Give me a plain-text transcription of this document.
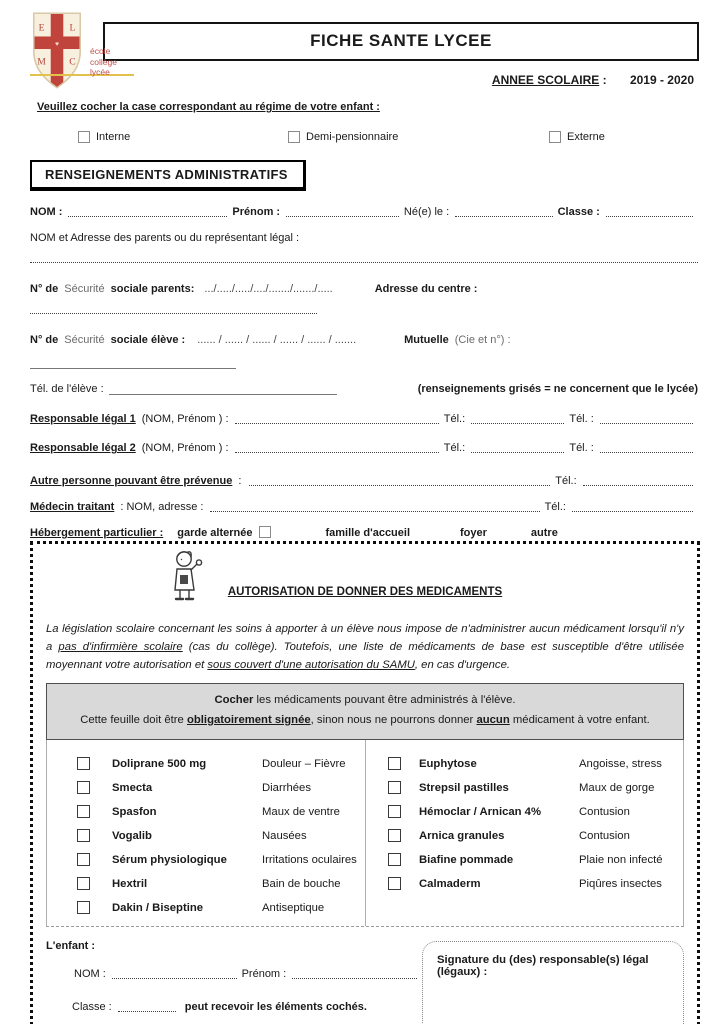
E	L
M C
♥
école
collège
lycée
FICHE SANTE LYCEE
ANNEE SCOLAIRE : 2019 - 2020
Veuillez cocher la case correspondant au régime de votre enfant :
Interne	Demi-pensionnaire	Externe
RENSEIGNEMENTS ADMINISTRATIFS
NOM :	Prénom :	Né(e) le :	Classe :
NOM et Adresse des parents ou du représentant légal :
N° de Sécurité sociale parents: .../...../...../..../......./......./.....	Adresse du centre :
N° de Sécurité sociale élève : ...... / ...... / ...... / ...... / ...... / .......	Mutuelle (Cie et n°) :
Tél. de l'élève :	(renseignements grisés = ne concernent que le lycée)
Responsable légal 1 (NOM, Prénom ) :	Tél.:	Tél. :
Responsable légal 2 (NOM, Prénom ) :	Tél.:	Tél. :
Autre personne pouvant être prévenue :	Tél.:
Médecin traitant : NOM, adresse :	Tél.:
Hébergement particulier : garde alternée	famille d'accueil	foyer	autre
AUTORISATION DE DONNER DES MEDICAMENTS
La législation scolaire concernant les soins à apporter à un élève nous impose de n'administrer aucun médicament lorsqu'il n'y a pas d'infirmière scolaire (cas du collège). Toutefois, une liste de médicaments de base est susceptible d'être utilisée moyennant votre autorisation et sous couvert d'une autorisation du SAMU, en cas d'urgence.
Cocher les médicaments pouvant être administrés à l'élève.
Cette feuille doit être obligatoirement signée, sinon nous ne pourrons donner aucun médicament à votre enfant.
Doliprane 500 mg	Douleur – Fièvre
Smecta	Diarrhées
Spasfon	Maux de ventre
Vogalib	Nausées
Sérum physiologique	Irritations oculaires
Hextril	Bain de bouche
Dakin / Biseptine	Antiseptique
Euphytose	Angoisse, stress
Strepsil pastilles	Maux de gorge
Hémoclar / Arnican 4%	Contusion
Arnica granules	Contusion
Biafine pommade	Plaie non infecté
Calmaderm	Piqûres insectes
L'enfant :
NOM :	Prénom :
Classe :	peut recevoir les éléments cochés.
Signature du (des) responsable(s) légal (légaux) :
